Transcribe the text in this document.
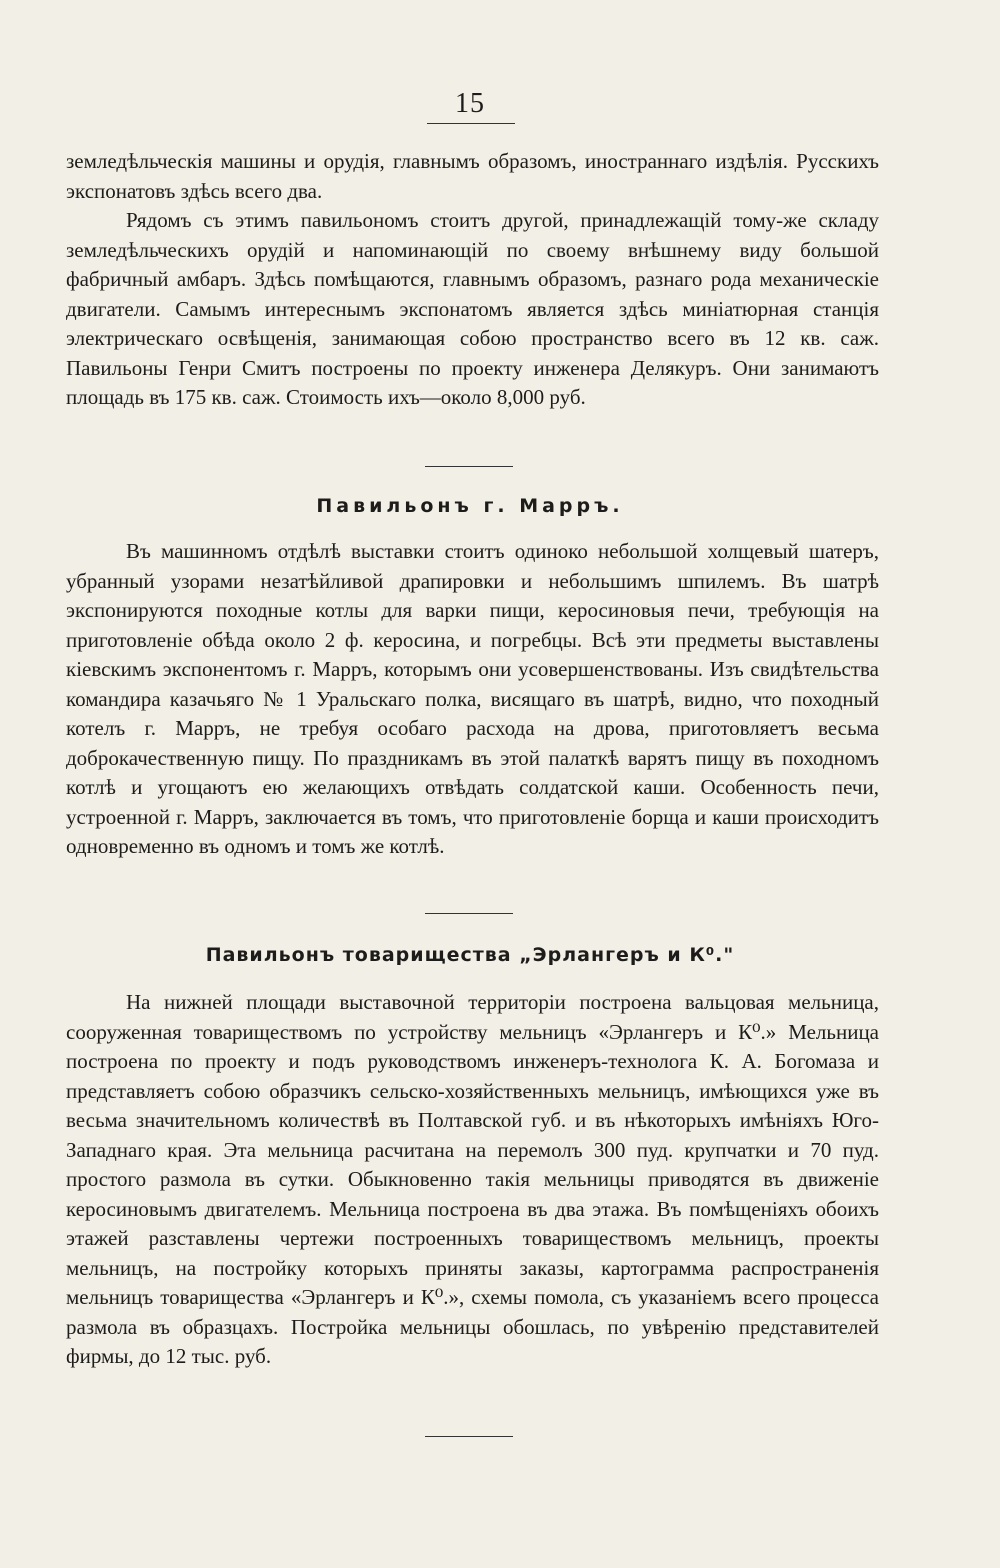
15

земледѣльческія машины и орудія, главнымъ образомъ, иностраннаго издѣлія. Русскихъ экспонатовъ здѣсь всего два.

Рядомъ съ этимъ павильономъ стоитъ другой, принадлежащій тому-же складу земледѣльческихъ орудій и напоминающій по своему внѣшнему виду большой фабричный амбаръ. Здѣсь помѣщаются, главнымъ образомъ, разнаго рода механическіе двигатели. Самымъ интереснымъ экспонатомъ является здѣсь миніатюрная станція электрическаго освѣщенія, занимающая собою пространство всего въ 12 кв. саж. Павильоны Генри Смитъ построены по проекту инженера Делякуръ. Они занимаютъ площадь въ 175 кв. саж. Стоимость ихъ—около 8,000 руб.

Павильонъ г. Марръ.

Въ машинномъ отдѣлѣ выставки стоитъ одиноко небольшой холщевый шатеръ, убранный узорами незатѣйливой драпировки и небольшимъ шпилемъ. Въ шатрѣ экспонируются походные котлы для варки пищи, керосиновыя печи, требующія на приготовленіе обѣда около 2 ф. керосина, и погребцы. Всѣ эти предметы выставлены кіевскимъ экспонентомъ г. Марръ, которымъ они усовершенствованы. Изъ свидѣтельства командира казачьяго № 1 Уральскаго полка, висящаго въ шатрѣ, видно, что походный котелъ г. Марръ, не требуя особаго расхода на дрова, приготовляетъ весьма доброкачественную пищу. По праздникамъ въ этой палаткѣ варятъ пищу въ походномъ котлѣ и угощаютъ ею желающихъ отвѣдать солдатской каши. Особенность печи, устроенной г. Марръ, заключается въ томъ, что приготовленіе борща и каши происходитъ одновременно въ одномъ и томъ же котлѣ.

Павильонъ товарищества „Эрлангеръ и К⁰."

На нижней площади выставочной территоріи построена вальцовая мельница, сооруженная товариществомъ по устройству мельницъ «Эрлангеръ и К⁰.» Мельница построена по проекту и подъ руководствомъ инженеръ-технолога К. А. Богомаза и представляетъ собою образчикъ сельско-хозяйственныхъ мельницъ, имѣющихся уже въ весьма значительномъ количествѣ въ Полтавской губ. и въ нѣкоторыхъ имѣніяхъ Юго-Западнаго края. Эта мельница расчитана на перемолъ 300 пуд. крупчатки и 70 пуд. простого размола въ сутки. Обыкновенно такія мельницы приводятся въ движеніе керосиновымъ двигателемъ. Мельница построена въ два этажа. Въ помѣщеніяхъ обоихъ этажей разставлены чертежи построенныхъ товариществомъ мельницъ, проекты мельницъ, на постройку которыхъ приняты заказы, картограмма распространенія мельницъ товарищества «Эрлангеръ и К⁰.», схемы помола, съ указаніемъ всего процесса размола въ образцахъ. Постройка мельницы обошлась, по увѣренію представителей фирмы, до 12 тыс. руб.
